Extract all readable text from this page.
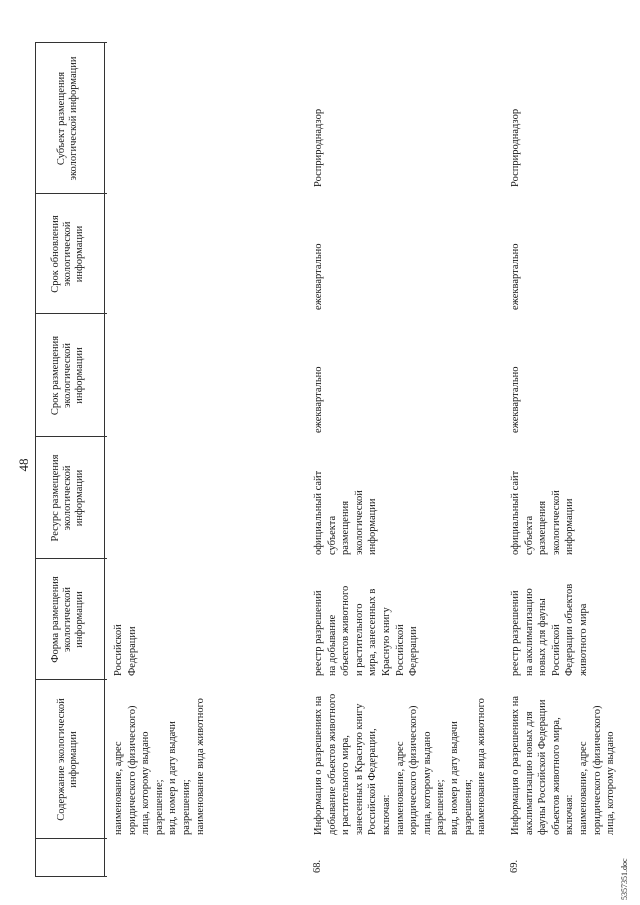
48
Содержание экологической информации
Форма размещения экологической информации
Ресурс размещения экологической информации
Срок размещения экологической информации
Срок обновления экологической информации
Субъект размещения экологической информации
наименование, адрес
юридического (физического)
лица, которому выдано
разрешение;
вид, номер и дату выдачи
разрешения;
наименование вида животного
Российской
Федерации
68.
Информация о разрешениях на
добывание объектов животного
и растительного мира,
занесенных в Красную книгу
Российской Федерации,
включая:
наименование, адрес
юридического (физического)
лица, которому выдано
разрешение;
вид, номер и дату выдачи
разрешения;
наименование вида животного
реестр разрешений
на добывание
объектов животного
и растительного
мира, занесенных в
Красную книгу
Российской
Федерации
официальный сайт
субъекта
размещения
экологической
информации
ежеквартально
ежеквартально
Росприроднадзор
69.
Информация о разрешениях на
акклиматизацию новых для
фауны Российской Федерации
объектов животного мира,
включая:
наименование, адрес
юридического (физического)
лица, которому выдано
реестр разрешений
на акклиматизацию
новых для фауны
Российской
Федерации объектов
животного мира
официальный сайт
субъекта
размещения
экологической
информации
ежеквартально
ежеквартально
Росприроднадзор
5357351.doc
